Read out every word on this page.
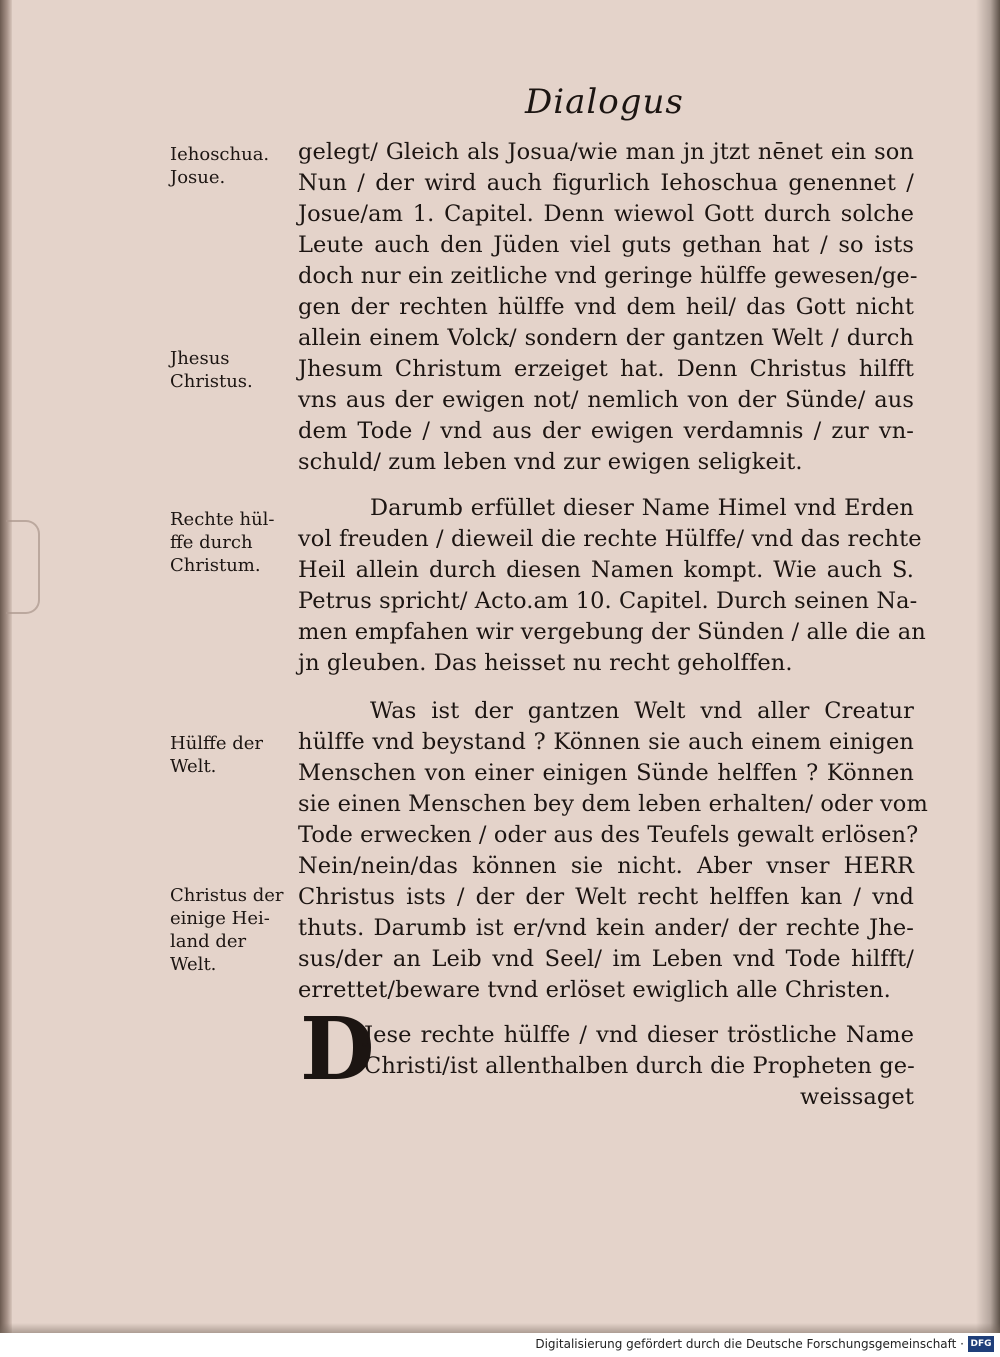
Dialogus
Iehoschua.
Josue.
Jhesus
Christus.
Rechte hül-
ffe durch
Christum.
Hülffe der
Welt.
Christus der
einige Hei-
land der
Welt.
gelegt/ Gleich als Josua/wie man jn jtzt nēnet ein son
Nun / der wird auch figurlich Iehoschua genennet /
Josue/am 1. Capitel. Denn wiewol Gott durch solche
Leute auch den Jüden viel guts gethan hat / so ists
doch nur ein zeitliche vnd geringe hülffe gewesen/ge-
gen der rechten hülffe vnd dem heil/ das Gott nicht
allein einem Volck/ sondern der gantzen Welt / durch
Jhesum Christum erzeiget hat. Denn Christus hilfft
vns aus der ewigen not/ nemlich von der Sünde/ aus
dem Tode / vnd aus der ewigen verdamnis / zur vn-
schuld/ zum leben vnd zur ewigen seligkeit.
Darumb erfüllet dieser Name Himel vnd Erden
vol freuden / dieweil die rechte Hülffe/ vnd das rechte
Heil allein durch diesen Namen kompt. Wie auch S.
Petrus spricht/ Acto.am 10. Capitel. Durch seinen Na-
men empfahen wir vergebung der Sünden / alle die an
jn gleuben. Das heisset nu recht geholffen.
Was ist der gantzen Welt vnd aller Creatur
hülffe vnd beystand ? Können sie auch einem einigen
Menschen von einer einigen Sünde helffen ? Können
sie einen Menschen bey dem leben erhalten/ oder vom
Tode erwecken / oder aus des Teufels gewalt erlösen?
Nein/nein/das können sie nicht. Aber vnser HERR
Christus ists / der der Welt recht helffen kan / vnd
thuts. Darumb ist er/vnd kein ander/ der rechte Jhe-
sus/der an Leib vnd Seel/ im Leben vnd Tode hilfft/
errettet/beware tvnd erlöset ewiglich alle Christen.
D
Jese rechte hülffe / vnd dieser tröstliche Name
Christi/ist allenthalben durch die Propheten ge-
weissaget
Digitalisierung gefördert durch die Deutsche Forschungsgemeinschaft · DFG
